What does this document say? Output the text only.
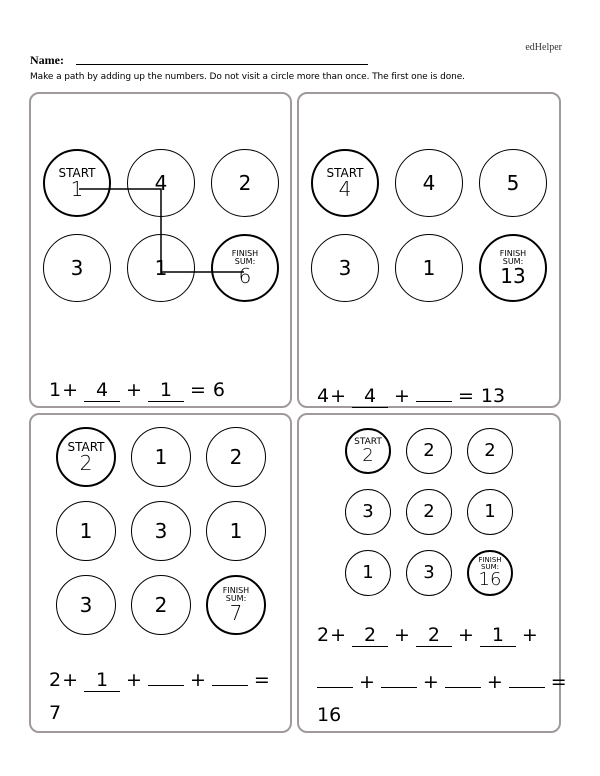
edHelper
Name:
Make a path by adding up the numbers. Do not visit a circle more than once. The first one is done.
START
1	4	2
3	1
FINISH
SUM:
6
1 + 4 + 1 =
6
START
4	4	5
3	1
FINISH
SUM:
13
4 + 4 +	=
13
START
2	1	2
1	3	1
3	2
FINISH
SUM:
7
2 + 1 +	+	=
7
START
2	2	2
3	2	1
1	3
FINISH
SUM:
16
2 + 2 + 2 + 1 +
+	+	+	=
16
